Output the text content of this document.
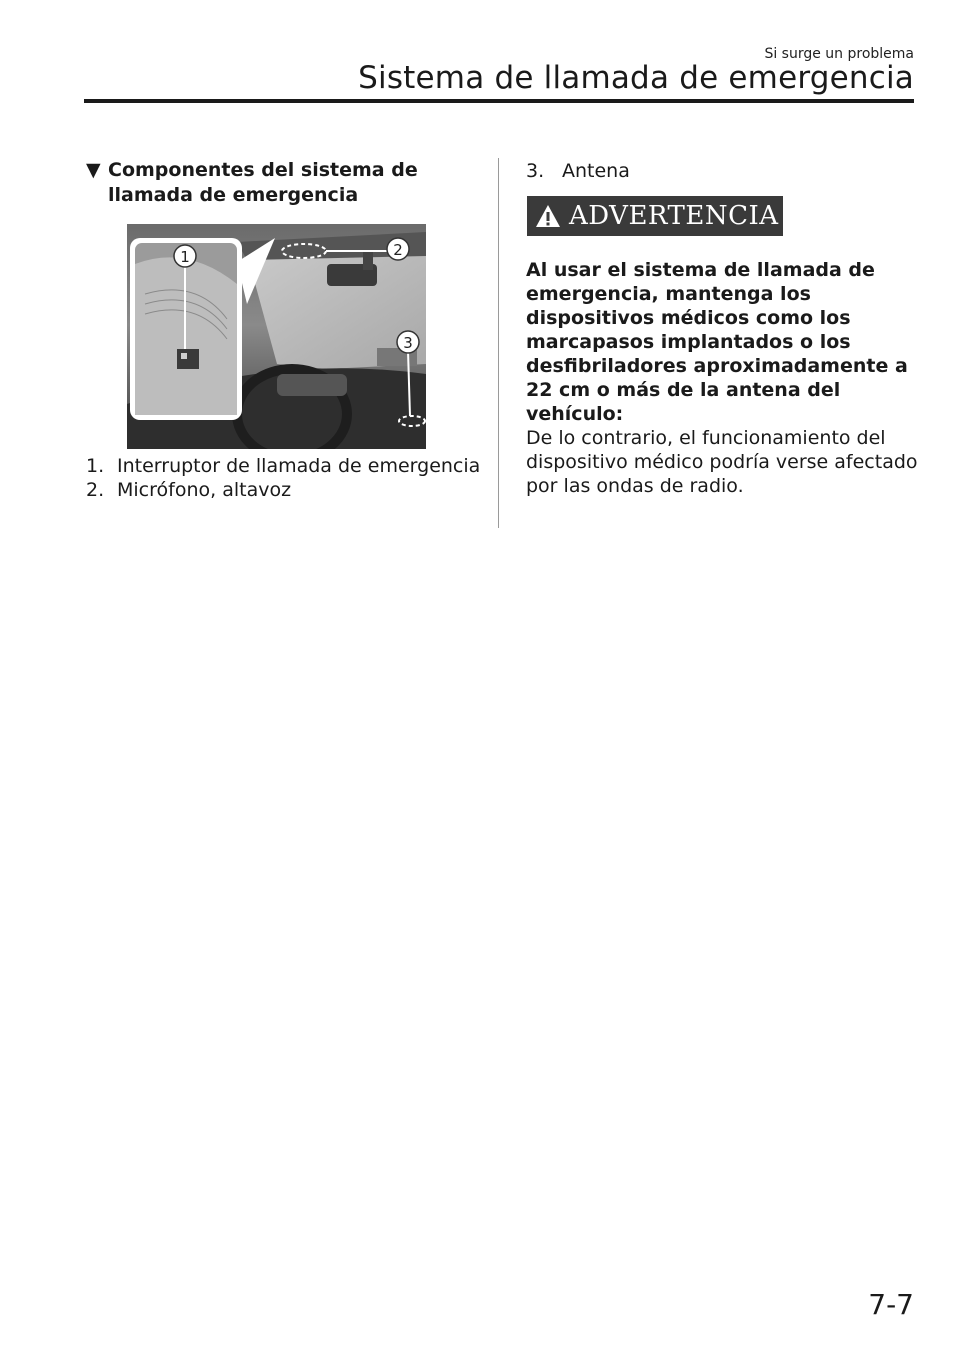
Si surge un problema
Sistema de llamada de emergencia
▼ Componentes del sistema de llamada de emergencia
1	2
3
1. Interruptor de llamada de emergencia
2. Micrófono, altavoz
3. Antena
ADVERTENCIA
Al usar el sistema de llamada de emergencia, mantenga los dispositivos médicos como los marcapasos implantados o los desfibriladores aproximadamente a 22 cm o más de la antena del vehículo:
De lo contrario, el funcionamiento del dispositivo médico podría verse afectado por las ondas de radio.
7-7
